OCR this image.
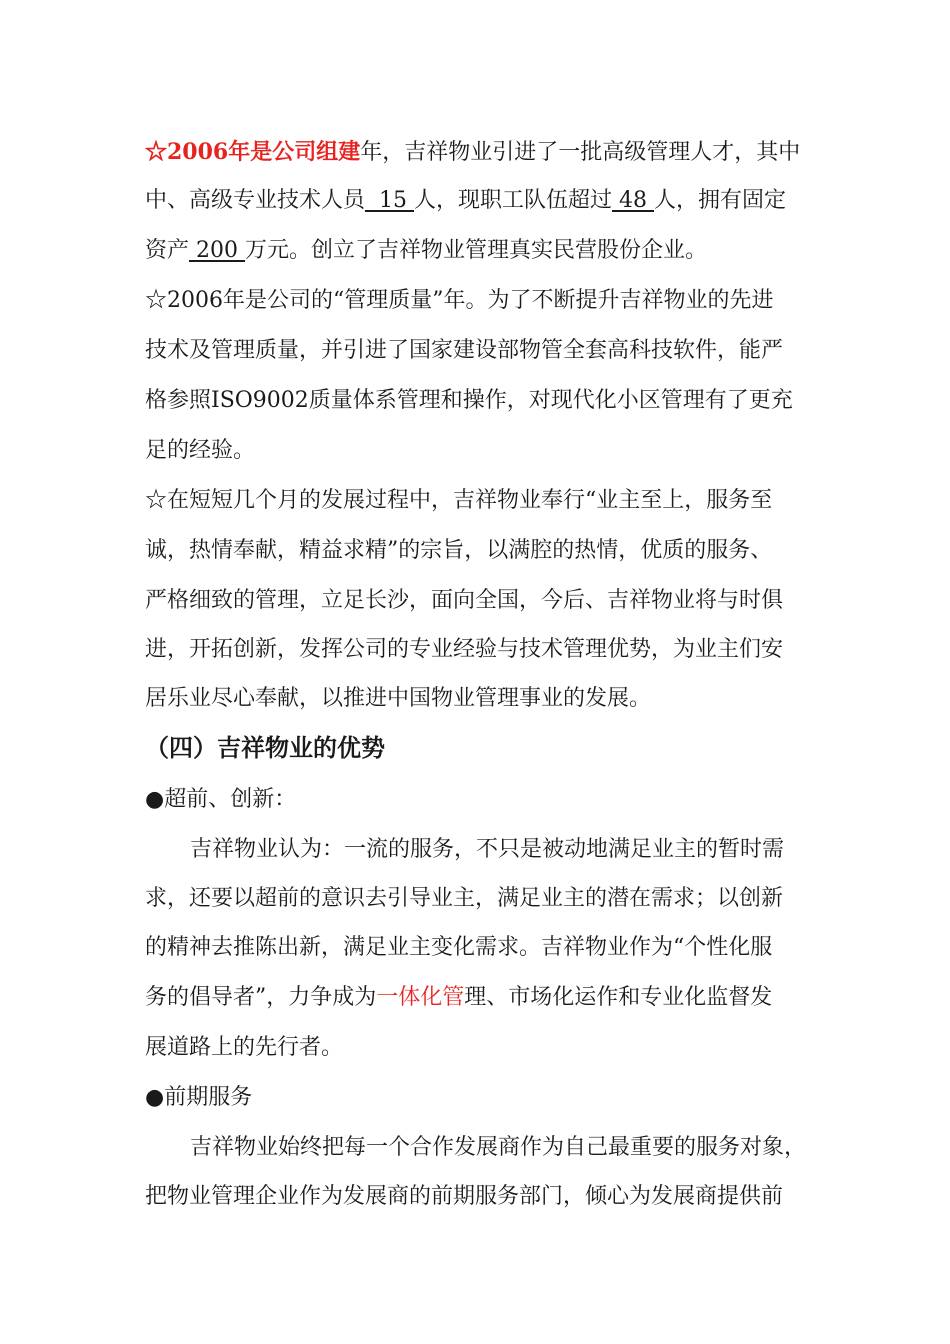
☆2006年是公司组建年，吉祥物业引进了一批高级管理人才，其中
中、高级专业技术人员  15 人，现职工队伍超过 48 人，拥有固定
资产 200 万元。创立了吉祥物业管理真实民营股份企业。
☆2006年是公司的“管理质量”年。为了不断提升吉祥物业的先进
技术及管理质量，并引进了国家建设部物管全套高科技软件，能严
格参照ISO9002质量体系管理和操作，对现代化小区管理有了更充
足的经验。
☆在短短几个月的发展过程中，吉祥物业奉行“业主至上，服务至
诚，热情奉献，精益求精”的宗旨，以满腔的热情，优质的服务、
严格细致的管理，立足长沙，面向全国，今后、吉祥物业将与时俱
进，开拓创新，发挥公司的专业经验与技术管理优势，为业主们安
居乐业尽心奉献，以推进中国物业管理事业的发展。
（四）吉祥物业的优势
●超前、创新：
吉祥物业认为：一流的服务，不只是被动地满足业主的暂时需
求，还要以超前的意识去引导业主，满足业主的潜在需求；以创新
的精神去推陈出新，满足业主变化需求。吉祥物业作为“个性化服
务的倡导者”，力争成为一体化管理、市场化运作和专业化监督发
展道路上的先行者。
●前期服务
吉祥物业始终把每一个合作发展商作为自己最重要的服务对象，
把物业管理企业作为发展商的前期服务部门，倾心为发展商提供前
